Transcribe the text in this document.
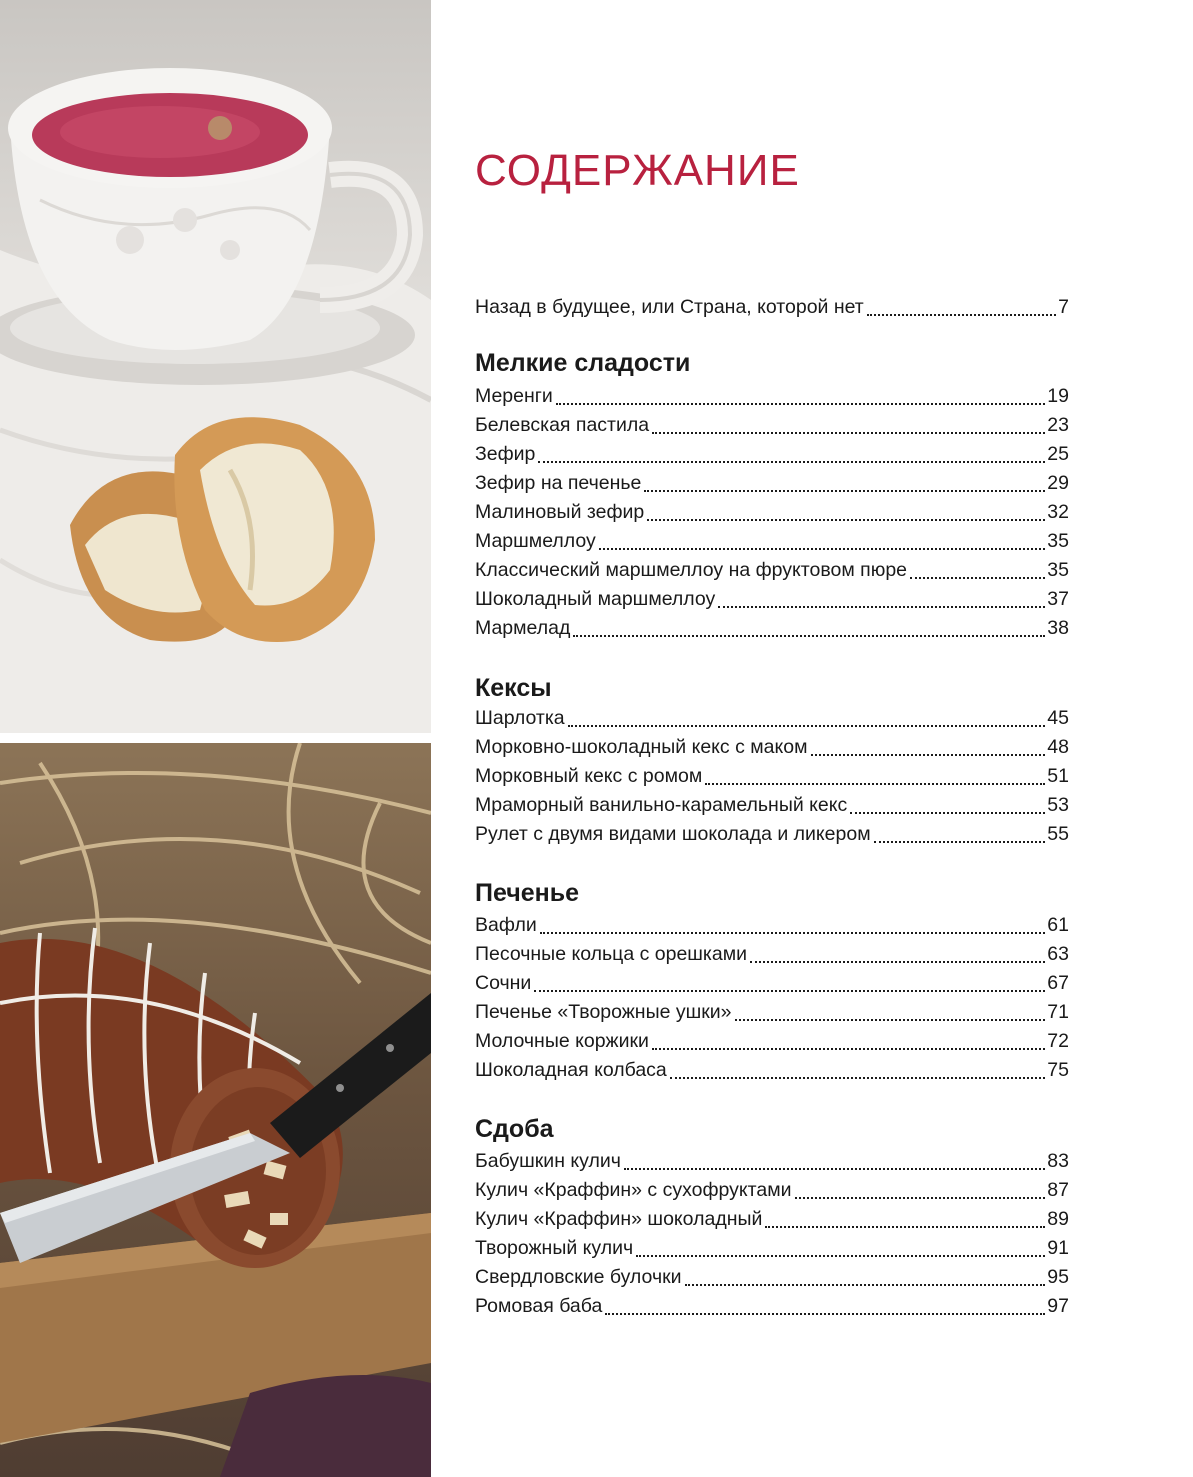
СОДЕРЖАНИЕ
Назад в будущее, или Страна, которой нет	7
Мелкие сладости
Меренги	19
Белевская пастила	23
Зефир	25
Зефир на печенье	29
Малиновый зефир	32
Маршмеллоу	35
Классический маршмеллоу на фруктовом пюре	35
Шоколадный маршмеллоу	37
Мармелад	38
Кексы
Шарлотка	45
Морковно-шоколадный кекс с маком	48
Морковный кекс с ромом	51
Мраморный ванильно-карамельный кекс	53
Рулет с двумя видами шоколада и ликером	55
Печенье
Вафли	61
Песочные кольца с орешками	63
Сочни	67
Печенье «Творожные ушки»	71
Молочные коржики	72
Шоколадная колбаса	75
Сдоба
Бабушкин кулич	83
Кулич «Краффин» с сухофруктами	87
Кулич «Краффин» шоколадный	89
Творожный кулич	91
Свердловские булочки	95
Ромовая баба	97
